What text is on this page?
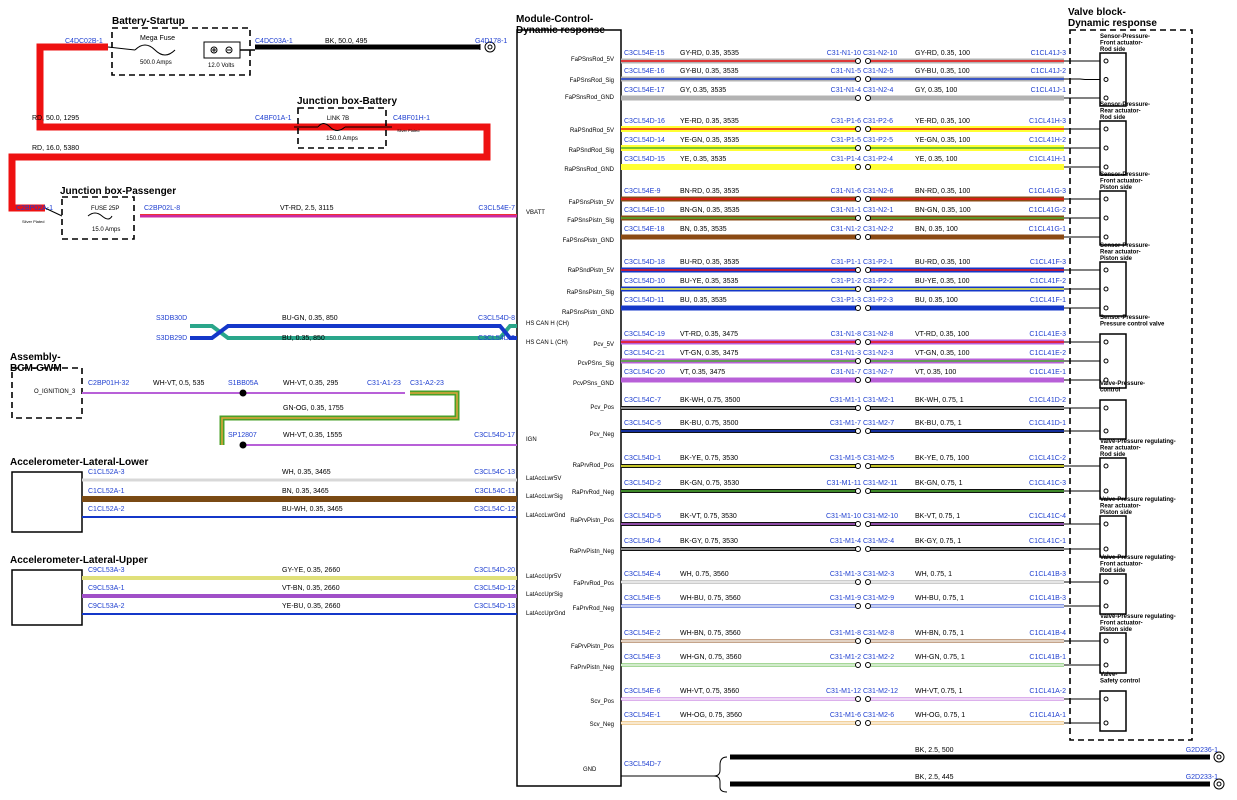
FaPSnsRod_5V
C3CL54E-15 GY-RD, 0.35, 3535	C31-N1-10 C31-N2-10	GY-RD, 0.35, 100	C1CL41J-3
FaPSnsRod_Sig
C3CL54E-16 GY-BU, 0.35, 3535	C31-N1-5 C31-N2-5	GY-BU, 0.35, 100	C1CL41J-2
FaPSnsRod_GND
C3CL54E-17 GY, 0.35, 3535	C31-N1-4 C31-N2-4	GY, 0.35, 100	C1CL41J-1
RaPSndRod_5V
C3CL54D-16 YE-RD, 0.35, 3535	C31-P1-6 C31-P2-6	YE-RD, 0.35, 100	C1CL41H-3
RaPSndRod_Sig
C3CL54D-14 YE-GN, 0.35, 3535	C31-P1-5 C31-P2-5	YE-GN, 0.35, 100	C1CL41H-2
RaPSnsRod_GND
C3CL54D-15 YE, 0.35, 3535	C31-P1-4 C31-P2-4	YE, 0.35, 100	C1CL41H-1
FaPSnsPistn_5V
C3CL54E-9	BN-RD, 0.35, 3535	C31-N1-6 C31-N2-6	BN-RD, 0.35, 100	C1CL41G-3
FaPSnsPistn_Sig
C3CL54E-10 BN-GN, 0.35, 3535	C31-N1-1 C31-N2-1	BN-GN, 0.35, 100	C1CL41G-2
FaPSnsPistn_GND
C3CL54E-18 BN, 0.35, 3535	C31-N1-2 C31-N2-2	BN, 0.35, 100	C1CL41G-1
RaPSndPistn_5V
C3CL54D-18 BU-RD, 0.35, 3535	C31-P1-1 C31-P2-1	BU-RD, 0.35, 100	C1CL41F-3
RaPSnsPistn_Sig
C3CL54D-10 BU-YE, 0.35, 3535	C31-P1-2 C31-P2-2	BU-YE, 0.35, 100	C1CL41F-2
RaPSnsPistn_GND
C3CL54D-11 BU, 0.35, 3535	C31-P1-3 C31-P2-3	BU, 0.35, 100	C1CL41F-1
Pcv_5V
C3CL54C-19 VT-RD, 0.35, 3475	C31-N1-8 C31-N2-8	VT-RD, 0.35, 100	C1CL41E-3
PcvPSns_Sig
C3CL54C-21 VT-GN, 0.35, 3475	C31-N1-3 C31-N2-3	VT-GN, 0.35, 100	C1CL41E-2
PcvPSns_GND
C3CL54C-20 VT, 0.35, 3475	C31-N1-7 C31-N2-7	VT, 0.35, 100	C1CL41E-1
Pcv_Pos
C3CL54C-7	BK-WH, 0.75, 3500	C31-M1-1 C31-M2-1	BK-WH, 0.75, 1	C1CL41D-2
Pcv_Neg
C3CL54C-5	BK-BU, 0.75, 3500	C31-M1-7 C31-M2-7	BK-BU, 0.75, 1	C1CL41D-1
RaPrvRod_Pos
C3CL54D-1	BK-YE, 0.75, 3530	C31-M1-5 C31-M2-5	BK-YE, 0.75, 100	C1CL41C-2
RaPrvRod_Neg
C3CL54D-2	BK-GN, 0.75, 3530	C31-M1-11 C31-M2-11	BK-GN, 0.75, 1	C1CL41C-3
RaPrvPistn_Pos
C3CL54D-5	BK-VT, 0.75, 3530	C31-M1-10 C31-M2-10 BK-VT, 0.75, 1	C1CL41C-4
RaPrvPistn_Neg
C3CL54D-4	BK-GY, 0.75, 3530	C31-M1-4 C31-M2-4	BK-GY, 0.75, 1	C1CL41C-1
FaPrvRod_Pos
C3CL54E-4	WH, 0.75, 3560	C31-M1-3 C31-M2-3	WH, 0.75, 1	C1CL41B-3
FaPrvRod_Neg
C3CL54E-5	WH-BU, 0.75, 3560	C31-M1-9 C31-M2-9	WH-BU, 0.75, 1	C1CL41B-3
FaPrvPistn_Pos
C3CL54E-2	WH-BN, 0.75, 3560	C31-M1-8 C31-M2-8	WH-BN, 0.75, 1	C1CL41B-4
FaPrvPistn_Neg
C3CL54E-3	WH-GN, 0.75, 3560	C31-M1-2 C31-M2-2	WH-GN, 0.75, 1	C1CL41B-1
Scv_Pos
C3CL54E-6	WH-VT, 0.75, 3560	C31-M1-12 C31-M2-12 WH-VT, 0.75, 1	C1CL41A-2
Scv_Neg
C3CL54E-1	WH-OG, 0.75, 3560	C31-M1-6 C31-M2-6	WH-OG, 0.75, 1	C1CL41A-1
Sensor-Pressure-
Front actuator-
Rod side
Sensor-Pressure-
Rear actuator-
Rod side
Sensor-Pressure-
Front actuator-
Piston side
Sensor-Pressure-
Rear actuator-
Piston side
Sensor-Pressure-
Pressure control valve
Valve-Pressure-
control
Valve-Pressure regulating-
Rear actuator-
Rod side
Valve-Pressure regulating-
Rear actuator-
Piston side
Valve-Pressure regulating-
Front actuator-
Rod side
Valve-Pressure regulating-
Front actuator-
Piston side
Valve-
Safety control
Battery-Startup
C4DC02B-1	Mega Fuse
500.0 Amps	12.0 Volts
C4DC03A-1	BK, 50.0, 495	G4D178-1
Junction box-Battery
C4BF01A-1	LINK 7B
150.0 Amps
C4BF01H-1
Silver Plated
RD, 50.0, 1295
RD, 16.0, 5380
Junction box-Passenger
C2BP02A-1
Silver Plated
FUSE 25P
15.0 Amps
C2BP02L-8	VT-RD, 2.5, 3115	C3CL54E-7
S3DB30D
S3DB29D
BU-GN, 0.35, 850
BU, 0.35, 850
C3CL54D-8
C3CL54D-9
Assembly-
BCM-GWM
O_IGNITION_3
C2BP01H-32	WH-VT, 0.5, 535	S1BB05A	WH-VT, 0.35, 295	C31-A1-23 C31-A2-23
GN-OG, 0.35, 1755
SP12807	WH-VT, 0.35, 1555	C3CL54D-17
Accelerometer-Lateral-Lower
Accelerometer-Lateral-Upper
C1CL52A-3	WH, 0.35, 3465	C3CL54C-13
C1CL52A-1	BN, 0.35, 3465	C3CL54C-11
C1CL52A-2	BU-WH, 0.35, 3465	C3CL54C-12
C9CL53A-3	GY-YE, 0.35, 2660	C3CL54D-20
C9CL53A-1	VT-BN, 0.35, 2660	C3CL54D-12
C9CL53A-2	YE-BU, 0.35, 2660	C3CL54D-13
Module-Control-
Dynamic response
VBATT
HS CAN H (CH)
HS CAN L (CH)
IGN
LatAccLwr5V
LatAccLwrSig
LatAccLwrGnd
LatAccUpr5V
LatAccUprSig
LatAccUprGnd
GND
C3CL54D-7
BK, 2.5, 500	G2D236-1
BK, 2.5, 445	G2D233-1
Valve block-
Dynamic response
